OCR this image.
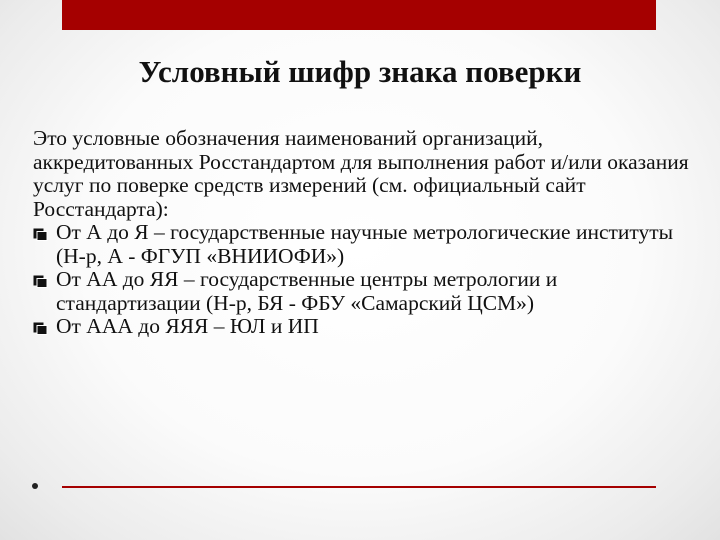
Условный шифр знака поверки

Это условные обозначения наименований организаций, аккредитованных Росстандартом для выполнения работ и/или оказания услуг по поверке средств измерений (см. официальный сайт Росстандарта):

От А до Я – государственные научные метрологические институты (Н-р, А - ФГУП «ВНИИОФИ»)

От АА до ЯЯ – государственные центры метрологии и стандартизации (Н-р, БЯ - ФБУ «Самарский ЦСМ»)

От ААА до ЯЯЯ – ЮЛ и ИП
